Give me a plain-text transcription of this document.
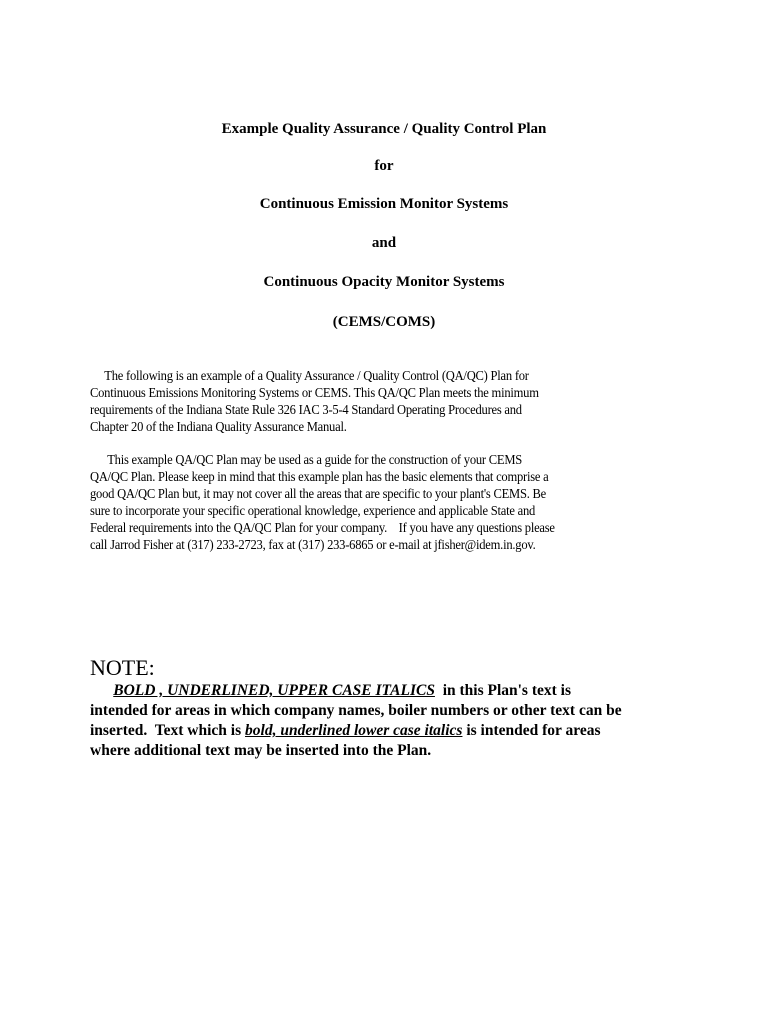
Example Quality Assurance / Quality Control Plan
for
Continuous Emission Monitor Systems
and
Continuous Opacity Monitor Systems
(CEMS/COMS)
The following is an example of a Quality Assurance / Quality Control (QA/QC) Plan for
Continuous Emissions Monitoring Systems or CEMS. This QA/QC Plan meets the minimum
requirements of the Indiana State Rule 326 IAC 3-5-4 Standard Operating Procedures and
Chapter 20 of the Indiana Quality Assurance Manual.
This example QA/QC Plan may be used as a guide for the construction of your CEMS
QA/QC Plan. Please keep in mind that this example plan has the basic elements that comprise a
good QA/QC Plan but, it may not cover all the areas that are specific to your plant's CEMS. Be
sure to incorporate your specific operational knowledge, experience and applicable State and
Federal requirements into the QA/QC Plan for your company.    If you have any questions please
call Jarrod Fisher at (317) 233-2723, fax at (317) 233-6865 or e-mail at jfisher@idem.in.gov.
NOTE:
BOLD , UNDERLINED, UPPER CASE ITALICS  in this Plan's text is
intended for areas in which company names, boiler numbers or other text can be
inserted.  Text which is bold, underlined lower case italics is intended for areas
where additional text may be inserted into the Plan.
